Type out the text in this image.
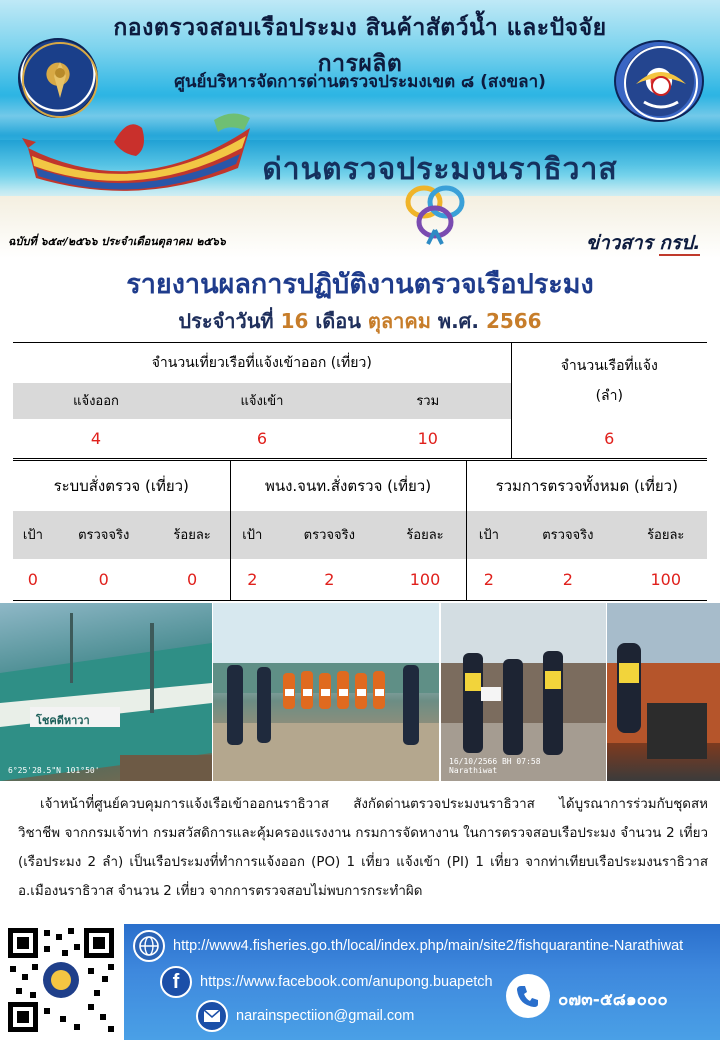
กองตรวจสอบเรือประมง สินค้าสัตว์น้ำ และปัจจัยการผลิต
ศูนย์บริหารจัดการด่านตรวจประมงเขต ๘ (สงขลา)
ด่านตรวจประมงนราธิวาส
ฉบับที่ ๖๕๙/๒๕๖๖ ประจำเดือนตุลาคม ๒๕๖๖	ข่าวสาร กรป.
รายงานผลการปฏิบัติงานตรวจเรือประมง
ประจำวันที่ 16 เดือน ตุลาคม พ.ศ. 2566
จำนวนเที่ยวเรือที่แจ้งเข้าออก (เที่ยว)			จำนวนเรือที่แจ้ง
(ลำ)

แจ้งออก	แจ้งเข้า	รวม	
4	6	10	6
ระบบสั่งตรวจ (เที่ยว)			พนง.จนท.สั่งตรวจ (เที่ยว)			รวมการตรวจทั้งหมด (เที่ยว)		
เป้า	ตรวจจริง	ร้อยละ	เป้า	ตรวจจริง	ร้อยละ	เป้า	ตรวจจริง	ร้อยละ
0	0	0	2	2	100	2	2	100
โชคดีหาวา
6°25'28.5"N 101°50'
16/10/2566 BH 07:58
Narathiwat
เจ้าหน้าที่ศูนย์ควบคุมการแจ้งเรือเข้าออกนราธิวาส สังกัดด่านตรวจประมงนราธิวาส ได้บูรณาการร่วมกับชุดสหวิชาชีพ จากกรมเจ้าท่า กรมสวัสดิการและคุ้มครองแรงงาน กรมการจัดหางาน ในการตรวจสอบเรือประมง จำนวน 2 เที่ยว (เรือประมง 2 ลำ) เป็นเรือประมงที่ทำการแจ้งออก (PO) 1 เที่ยว แจ้งเข้า (PI) 1 เที่ยว จากท่าเทียบเรือประมงนราธิวาส อ.เมืองนราธิวาส จำนวน 2 เที่ยว จากการตรวจสอบไม่พบการกระทำผิด
http://www4.fisheries.go.th/local/index.php/main/site2/fishquarantine-Narathiwat
f	https://www.facebook.com/anupong.buapetch
narainspectiion@gmail.com
๐๗๓-๕๘๑๐๐๐
